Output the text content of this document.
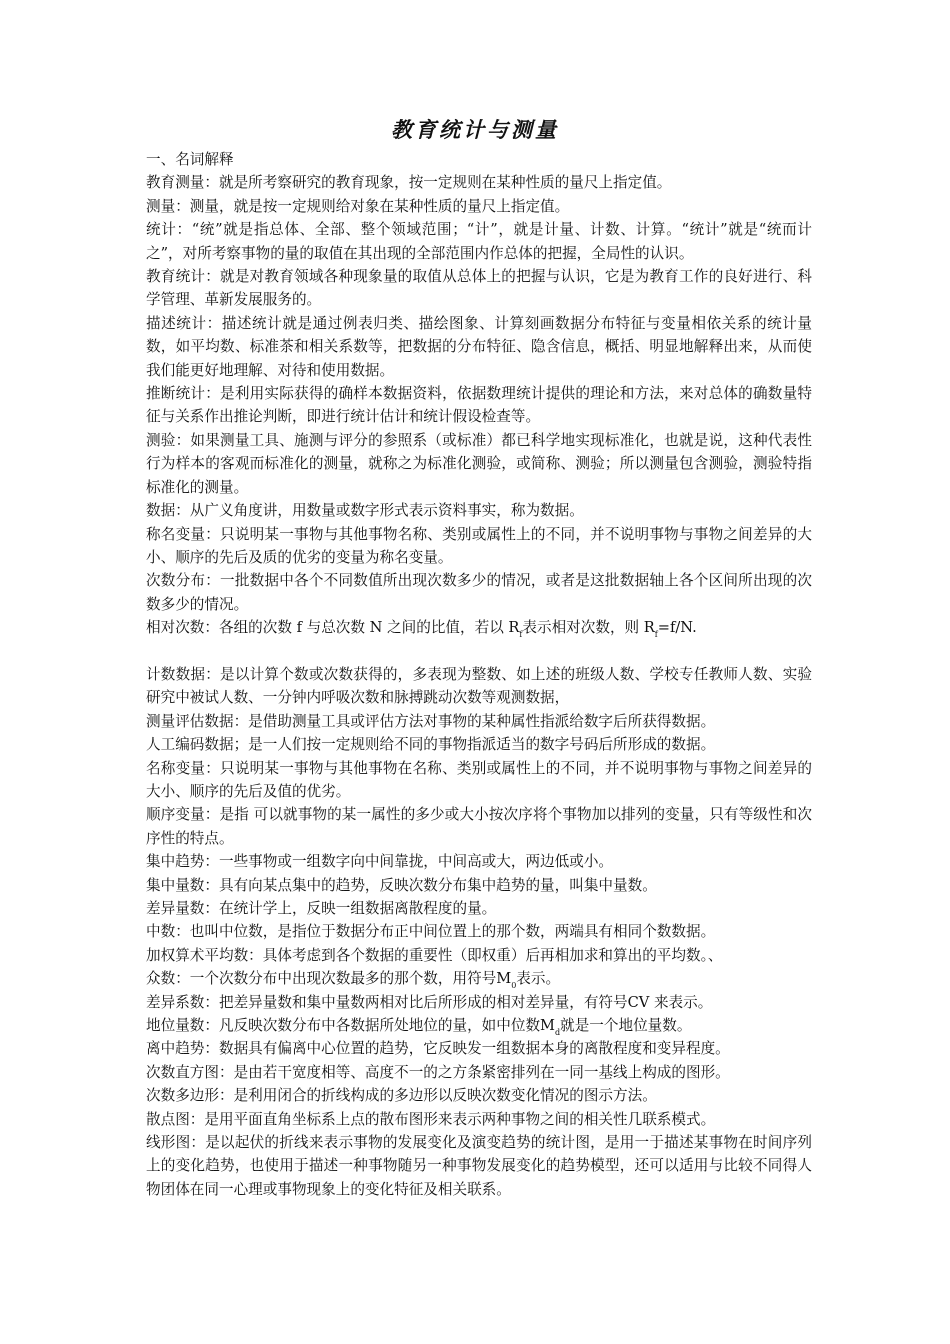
教育统计与测量

一、名词解释

教育测量：就是所考察研究的教育现象，按一定规则在某种性质的量尺上指定值。

测量：测量，就是按一定规则给对象在某种性质的量尺上指定值。

统计：“统”就是指总体、全部、整个领域范围；“计”，就是计量、计数、计算。“统计”就是“统而计之”，对所考察事物的量的取值在其出现的全部范围内作总体的把握，全局性的认识。

教育统计：就是对教育领域各种现象量的取值从总体上的把握与认识，它是为教育工作的良好进行、科学管理、革新发展服务的。

描述统计：描述统计就是通过例表归类、描绘图象、计算刻画数据分布特征与变量相依关系的统计量数，如平均数、标准茶和相关系数等，把数据的分布特征、隐含信息，概括、明显地解释出来，从而使我们能更好地理解、对待和使用数据。

推断统计：是利用实际获得的确样本数据资料，依据数理统计提供的理论和方法，来对总体的确数量特征与关系作出推论判断，即进行统计估计和统计假设检查等。

测验：如果测量工具、施测与评分的参照系（或标准）都已科学地实现标准化，也就是说，这种代表性行为样本的客观而标准化的测量，就称之为标准化测验，或简称、测验；所以测量包含测验，测验特指标准化的测量。

数据：从广义角度讲，用数量或数字形式表示资料事实，称为数据。

称名变量：只说明某一事物与其他事物名称、类别或属性上的不同，并不说明事物与事物之间差异的大小、顺序的先后及质的优劣的变量为称名变量。

次数分布：一批数据中各个不同数值所出现次数多少的情况，或者是这批数据轴上各个区间所出现的次数多少的情况。

相对次数：各组的次数 f 与总次数 N 之间的比值，若以 $R_f$表示相对次数，则 $R_f=f/N$.

计数数据：是以计算个数或次数获得的，多表现为整数、如上述的班级人数、学校专任教师人数、实验研究中被试人数、一分钟内呼吸次数和脉搏跳动次数等观测数据，

测量评估数据：是借助测量工具或评估方法对事物的某种属性指派给数字后所获得数据。

人工编码数据；是一人们按一定规则给不同的事物指派适当的数字号码后所形成的数据。

名称变量：只说明某一事物与其他事物在名称、类别或属性上的不同，并不说明事物与事物之间差异的大小、顺序的先后及值的优劣。

顺序变量：是指 可以就事物的某一属性的多少或大小按次序将个事物加以排列的变量，只有等级性和次序性的特点。

集中趋势：一些事物或一组数字向中间靠拢，中间高或大，两边低或小。

集中量数：具有向某点集中的趋势，反映次数分布集中趋势的量，叫集中量数。

差异量数：在统计学上，反映一组数据离散程度的量。

中数：也叫中位数，是指位于数据分布正中间位置上的那个数，两端具有相同个数数据。

加权算术平均数：具体考虑到各个数据的重要性（即权重）后再相加求和算出的平均数。、

众数：一个次数分布中出现次数最多的那个数，用符号$M_0$表示。

差异系数：把差异量数和集中量数两相对比后所形成的相对差异量，有符号CV 来表示。

地位量数：凡反映次数分布中各数据所处地位的量，如中位数$M_d$就是一个地位量数。

离中趋势：数据具有偏离中心位置的趋势，它反映发一组数据本身的离散程度和变异程度。

次数直方图：是由若干宽度相等、高度不一的之方条紧密排列在一同一基线上构成的图形。

次数多边形：是利用闭合的折线构成的多边形以反映次数变化情况的图示方法。

散点图：是用平面直角坐标系上点的散布图形来表示两种事物之间的相关性几联系模式。

线形图：是以起伏的折线来表示事物的发展变化及演变趋势的统计图，是用一于描述某事物在时间序列上的变化趋势，也使用于描述一种事物随另一种事物发展变化的趋势模型，还可以适用与比较不同得人物团体在同一心理或事物现象上的变化特征及相关联系。
